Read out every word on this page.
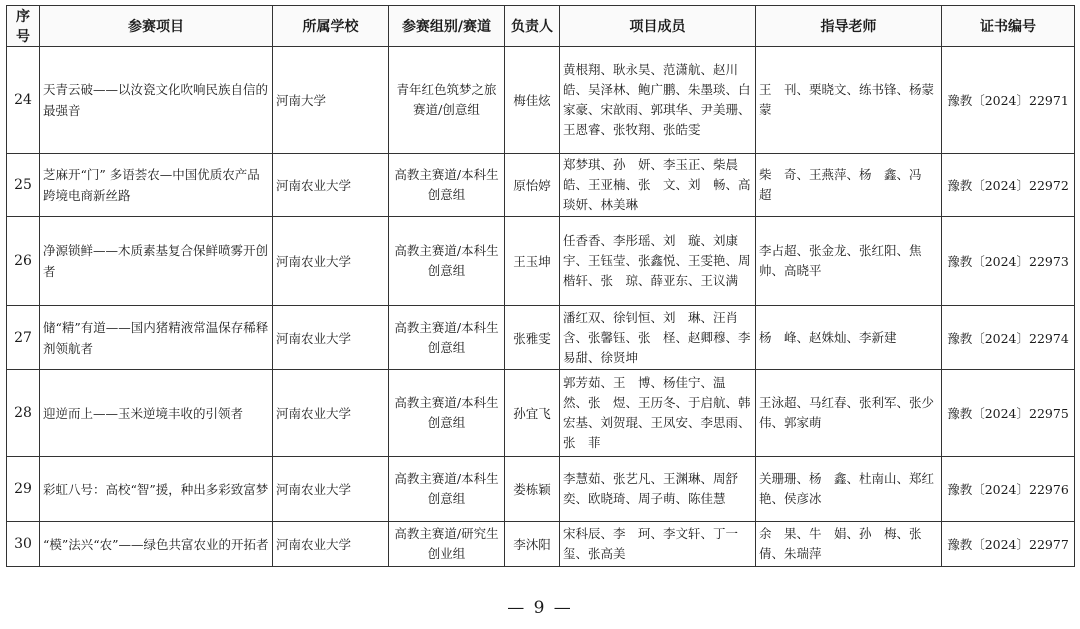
序号	参赛项目	所属学校	参赛组别/赛道	负责人	项目成员	指导老师	证书编号
24	天青云破——以汝瓷文化吹响民族自信的最强音	河南大学	青年红色筑梦之旅赛道/创意组	梅佳炫	黄根翔、耿永昊、范潇航、赵川皓、吴泽林、鲍广鹏、朱墨琰、白家豪、宋歆雨、郭琪华、尹美珊、王恩睿、张牧翔、张皓雯	王　刊、栗晓文、练书锋、杨蒙蒙	豫教〔2024〕22971
25	芝麻开“门” 多语荟农—中国优质农产品跨境电商新丝路	河南农业大学	高教主赛道/本科生创意组	原怡婷	郑梦琪、孙　妍、李玉正、柴晨皓、王亚楠、张　文、刘　畅、高琰妍、林美琳	柴　奇、王燕萍、杨　鑫、冯　超	豫教〔2024〕22972
26	净源锁鲜——木质素基复合保鲜喷雾开创者	河南农业大学	高教主赛道/本科生创意组	王玉坤	任香香、李彤瑶、刘　璇、刘康宇、王钰莹、张鑫悦、王雯艳、周楷轩、张　琼、薛亚东、王议满	李占超、张金龙、张红阳、焦　帅、高晓平	豫教〔2024〕22973
27	储“精”有道——国内猪精液常温保存稀释剂领航者	河南农业大学	高教主赛道/本科生创意组	张雅雯	潘红双、徐钊恒、刘　琳、汪肖含、张馨钰、张　柽、赵卿穆、李易甜、徐贤坤	杨　峰、赵姝灿、李新建	豫教〔2024〕22974
28	迎逆而上——玉米逆境丰收的引领者	河南农业大学	高教主赛道/本科生创意组	孙宜飞	郭芳茹、王　博、杨佳宁、温　然、张　煜、王历冬、于启航、韩宏基、刘贺琨、王凤安、李思雨、张　菲	王泳超、马红春、张利军、张少伟、郭家萌	豫教〔2024〕22975
29	彩虹八号：高校“智”援，种出多彩致富梦	河南农业大学	高教主赛道/本科生创意组	娄栋颖	李慧茹、张艺凡、王渊琳、周舒奕、欧晓琦、周子萌、陈佳慧	关珊珊、杨　鑫、杜南山、郑红艳、侯彦冰	豫教〔2024〕22976
30	“模”法兴“农”——绿色共富农业的开拓者	河南农业大学	高教主赛道/研究生创业组	李沐阳	宋科辰、李　珂、李文轩、丁一玺、张高美	余　果、牛　娟、孙　梅、张　倩、朱瑞萍	豫教〔2024〕22977
— 9 —
